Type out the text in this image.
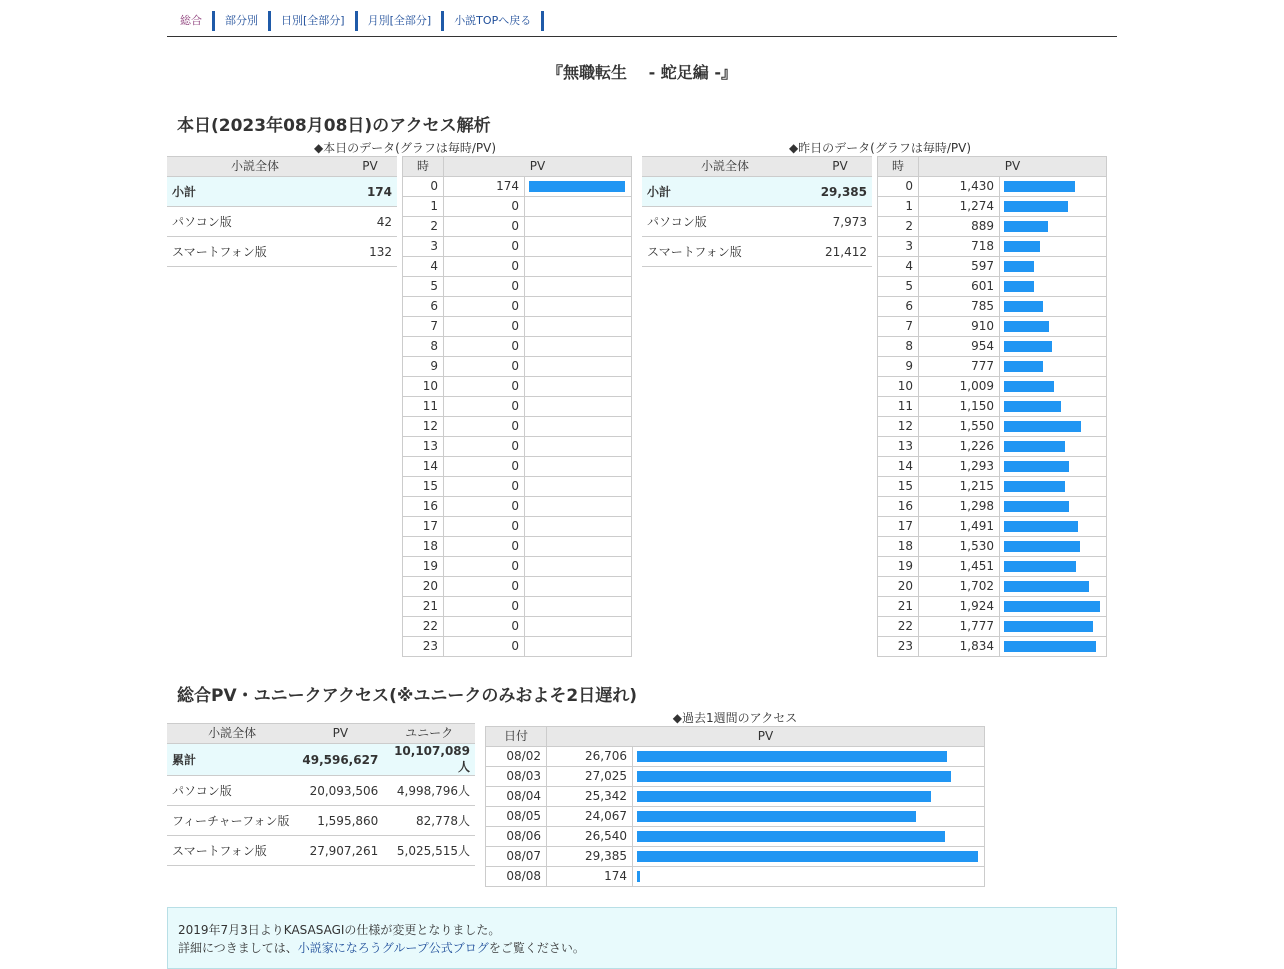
総合	部分別	日別[全部分]	月別[全部分]	小説TOPへ戻る
『無職転生　 - 蛇足編 -』
本日(2023年08月08日)のアクセス解析
◆本日のデータ(グラフは毎時/PV)	◆昨日のデータ(グラフは毎時/PV)
小説全体	PV
小計	174
パソコン版	42
スマートフォン版	132
時	PV	
0	174	

1	0	
2	0	
3	0	
4	0	
5	0	
6	0	
7	0	
8	0	
9	0	
10	0	
11	0	
12	0	
13	0	
14	0	
15	0	
16	0	
17	0	
18	0	
19	0	
20	0	
21	0	
22	0	
23	0	
小説全体	PV
小計	29,385
パソコン版	7,973
スマートフォン版	21,412
時	PV	
0	1,430	

1	1,274	

2	889	

3	718	

4	597	

5	601	

6	785	

7	910	

8	954	

9	777	

10	1,009	

11	1,150	

12	1,550	

13	1,226	

14	1,293	

15	1,215	

16	1,298	

17	1,491	

18	1,530	

19	1,451	

20	1,702	

21	1,924	

22	1,777	

23	1,834	
総合PV・ユニークアクセス(※ユニークのみおよそ2日遅れ)
小説全体	PV	ユニーク
累計	49,596,627	10,107,089人
パソコン版	20,093,506	4,998,796人
フィーチャーフォン版	1,595,860	82,778人
スマートフォン版	27,907,261	5,025,515人
◆過去1週間のアクセス
日付	PV	
08/02	26,706	

08/03	27,025	

08/04	25,342	

08/05	24,067	

08/06	26,540	

08/07	29,385	

08/08	174	

2019年7月3日よりKASASAGIの仕様が変更となりました。

詳細につきましては、小説家になろうグループ公式ブログをご覧ください。
